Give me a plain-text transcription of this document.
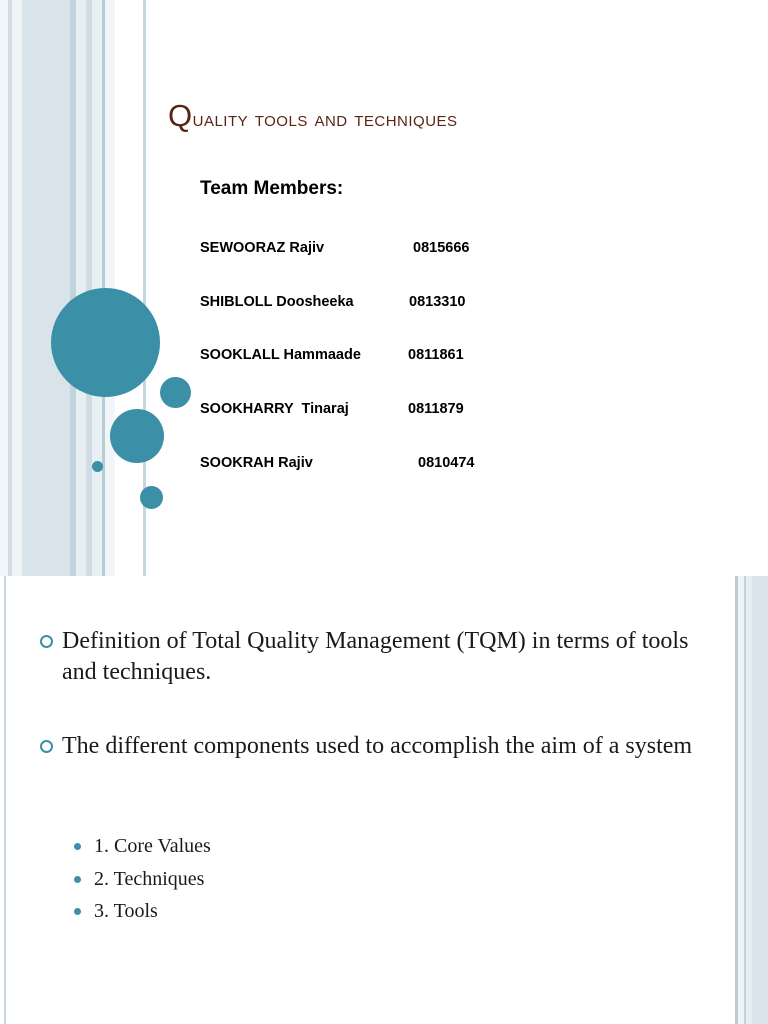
Quality tools and techniques
Team Members:
SEWOORAZ Rajiv	0815666
SHIBLOLL Doosheeka	0813310
SOOKLALL Hammaade	0811861
SOOKHARRY  Tinaraj	0811879
SOOKRAH Rajiv	0810474
Definition of Total Quality Management (TQM) in terms of tools and techniques.
The different components used to accomplish the aim of a system
1. Core Values
2. Techniques
3. Tools
